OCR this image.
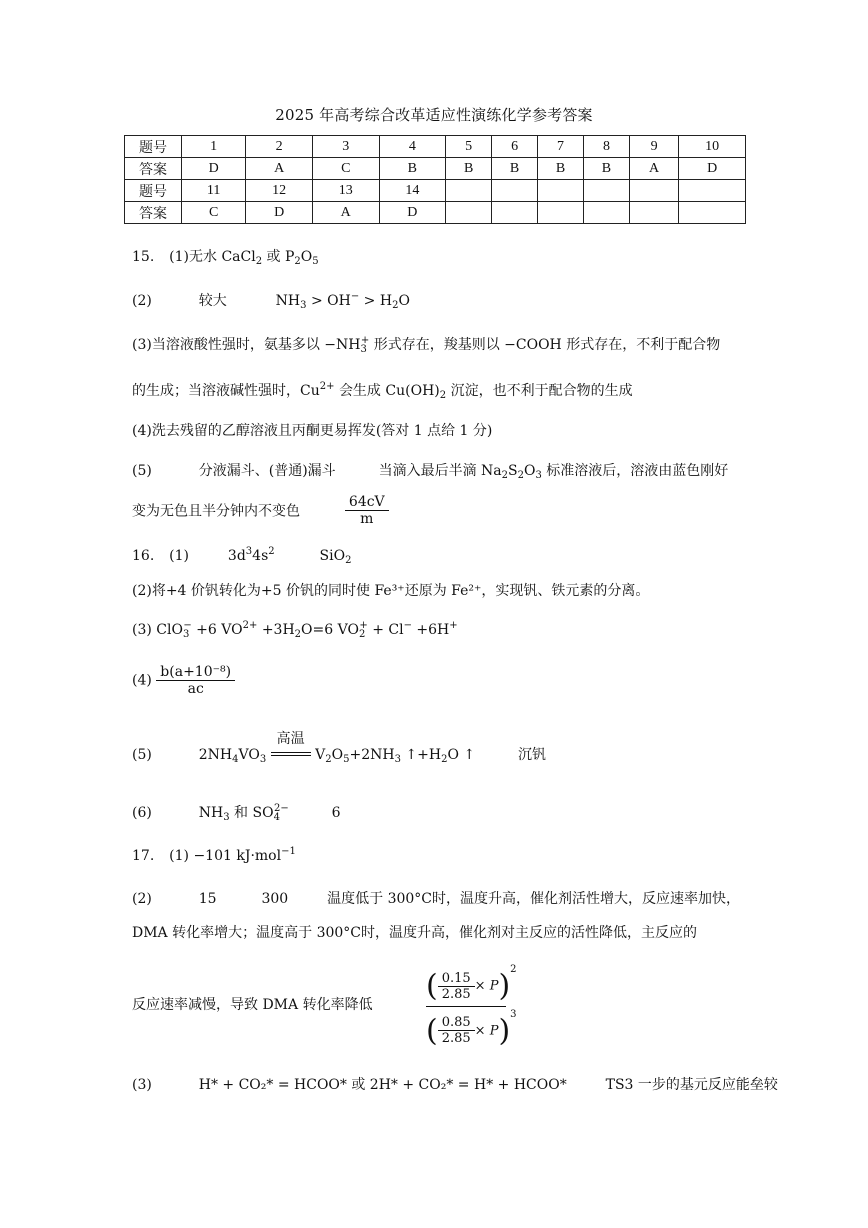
2025 年高考综合改革适应性演练化学参考答案
题号	1	2	3	4	5	6	7	8	9	10
答案	D	A	C	B	B	B	B	B	A	D
题号	11	12	13	14						
答案	C	D	A	D						
15. (1)无水 CaCl$_2$ 或 $P_2O_5$
(2)	较大	$NH_3 > OH^- > H_2O$
(3)当溶液酸性强时，氨基多以 $-NH_3^+$ 形式存在，羧基则以 −COOH 形式存在，不利于配合物
的生成；当溶液碱性强时，$Cu^{2+}$ 会生成 $Cu(OH)_2$ 沉淀，也不利于配合物的生成
(4)洗去残留的乙醇溶液且丙酮更易挥发(答对 1 点给 1 分)
(5)	分液漏斗、(普通)漏斗	当滴入最后半滴 $Na_2S_2O_3$ 标准溶液后，溶液由蓝色刚好
变为无色且半分钟内不变色	$\frac{64cV}{m}$
16. (1)	$3d^34s^2$	SiO$_2$
(2)将+4 价钒转化为+5 价钒的同时使 Fe³⁺还原为 Fe²⁺，实现钒、铁元素的分离。
(3) ClO$_3$− +6 $VO^{2+} +3H_2O=6$ $VO_2^+ + Cl^- +6H^+$
$(4) \frac{\text{b(a+10⁻⁸)}}{ac}$
(5)	$2NH_4VO_3$
高温
$V_2O_5+2NH_3$ $↑+H_2O$ ↑	沉钒
(6)	$NH_3$ 和 $SO_4^{2-}$	6
17. (1) −101 kJ·mol$^{-1}$
(2)	15	300	温度低于 300°C时，温度升高，催化剂活性增大，反应速率加快，
DMA 转化率增大；温度高于 300°C时，温度升高，催化剂对主反应的活性降低，主反应的
反应速率减慢，导致 DMA 转化率降低 $\frac{( \frac{0.15}{2.85} \times P)^2}{( \frac{0.85}{2.85} \times P)^3}$
(3)	H* + CO₂* = HCOO* 或 2H* + CO₂* = H* + HCOO*	TS3 一步的基元反应能垒较
